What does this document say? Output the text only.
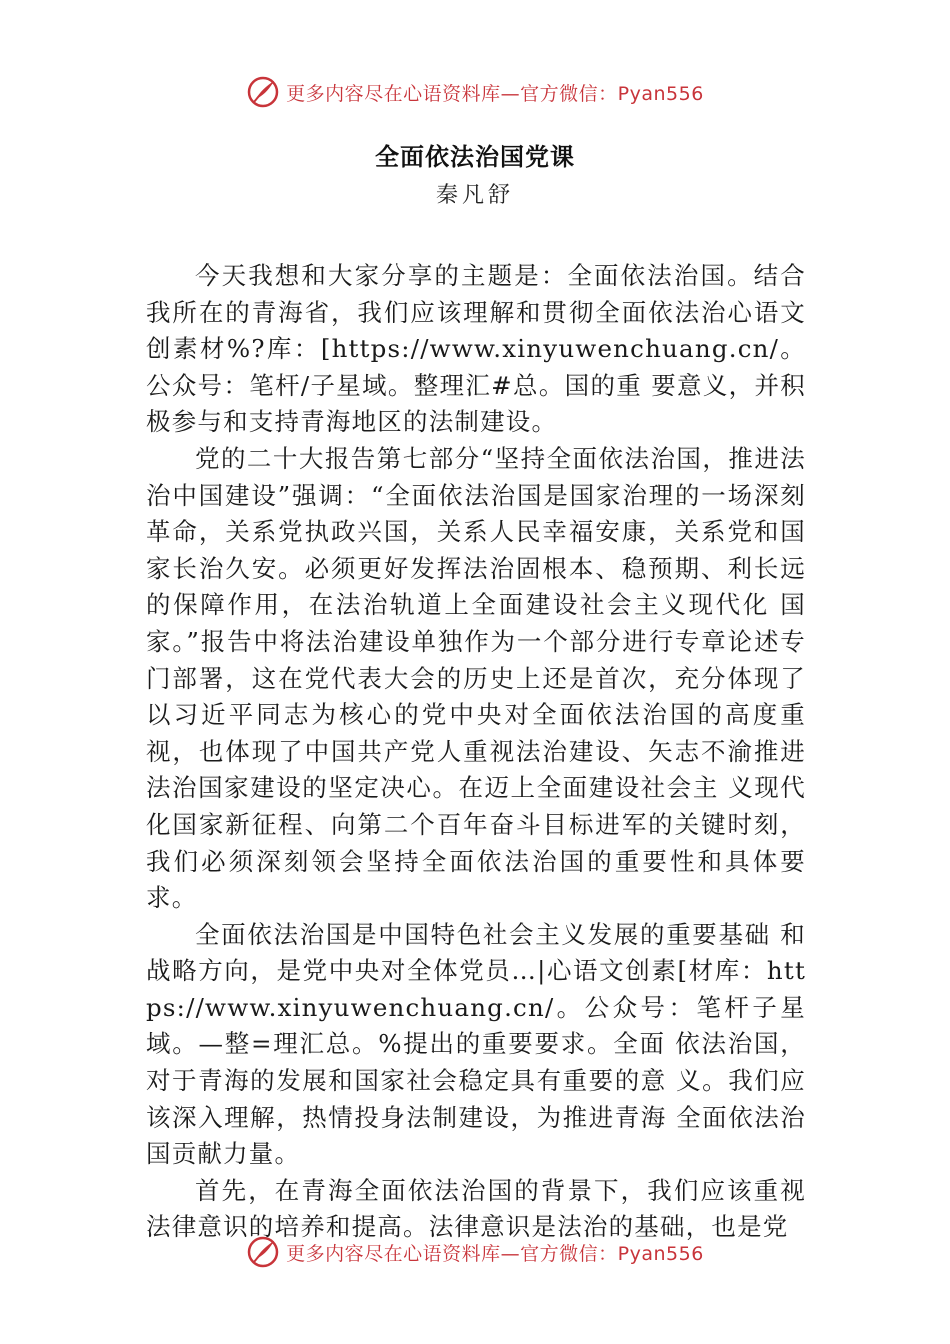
更多内容尽在心语资料库—官方微信：Pyan556
全面依法治国党课
秦凡舒

今天我想和大家分享的主题是：全面依法治国。结合我所在的青海省，我们应该理解和贯彻全面依法治心语文创素材%?库：[https://www.xinyuwenchuang.cn/。公众号：笔杆/子星域。整理汇#总。国的重 要意义，并积极参与和支持青海地区的法制建设。

党的二十大报告第七部分“坚持全面依法治国，推进法治中国建设”强调：“全面依法治国是国家治理的一场深刻革命，关系党执政兴国，关系人民幸福安康，关系党和国家长治久安。必须更好发挥法治固根本、稳预期、利长远的保障作用，在法治轨道上全面建设社会主义现代化 国家。”报告中将法治建设单独作为一个部分进行专章论述专门部署，这在党代表大会的历史上还是首次，充分体现了以习近平同志为核心的党中央对全面依法治国的高度重视，也体现了中国共产党人重视法治建设、矢志不渝推进法治国家建设的坚定决心。在迈上全面建设社会主 义现代化国家新征程、向第二个百年奋斗目标进军的关键时刻，我们必须深刻领会坚持全面依法治国的重要性和具体要求。

全面依法治国是中国特色社会主义发展的重要基础 和战略方向，是党中央对全体党员…|心语文创素[材库：https://www.xinyuwenchuang.cn/。公众号：笔杆子星域。—整=理汇总。%提出的重要要求。全面 依法治国，对于青海的发展和国家社会稳定具有重要的意 义。我们应该深入理解，热情投身法制建设，为推进青海 全面依法治国贡献力量。

首先，在青海全面依法治国的背景下，我们应该重视法律意识的培养和提高。法律意识是法治的基础，也是党

更多内容尽在心语资料库—官方微信：Pyan556
